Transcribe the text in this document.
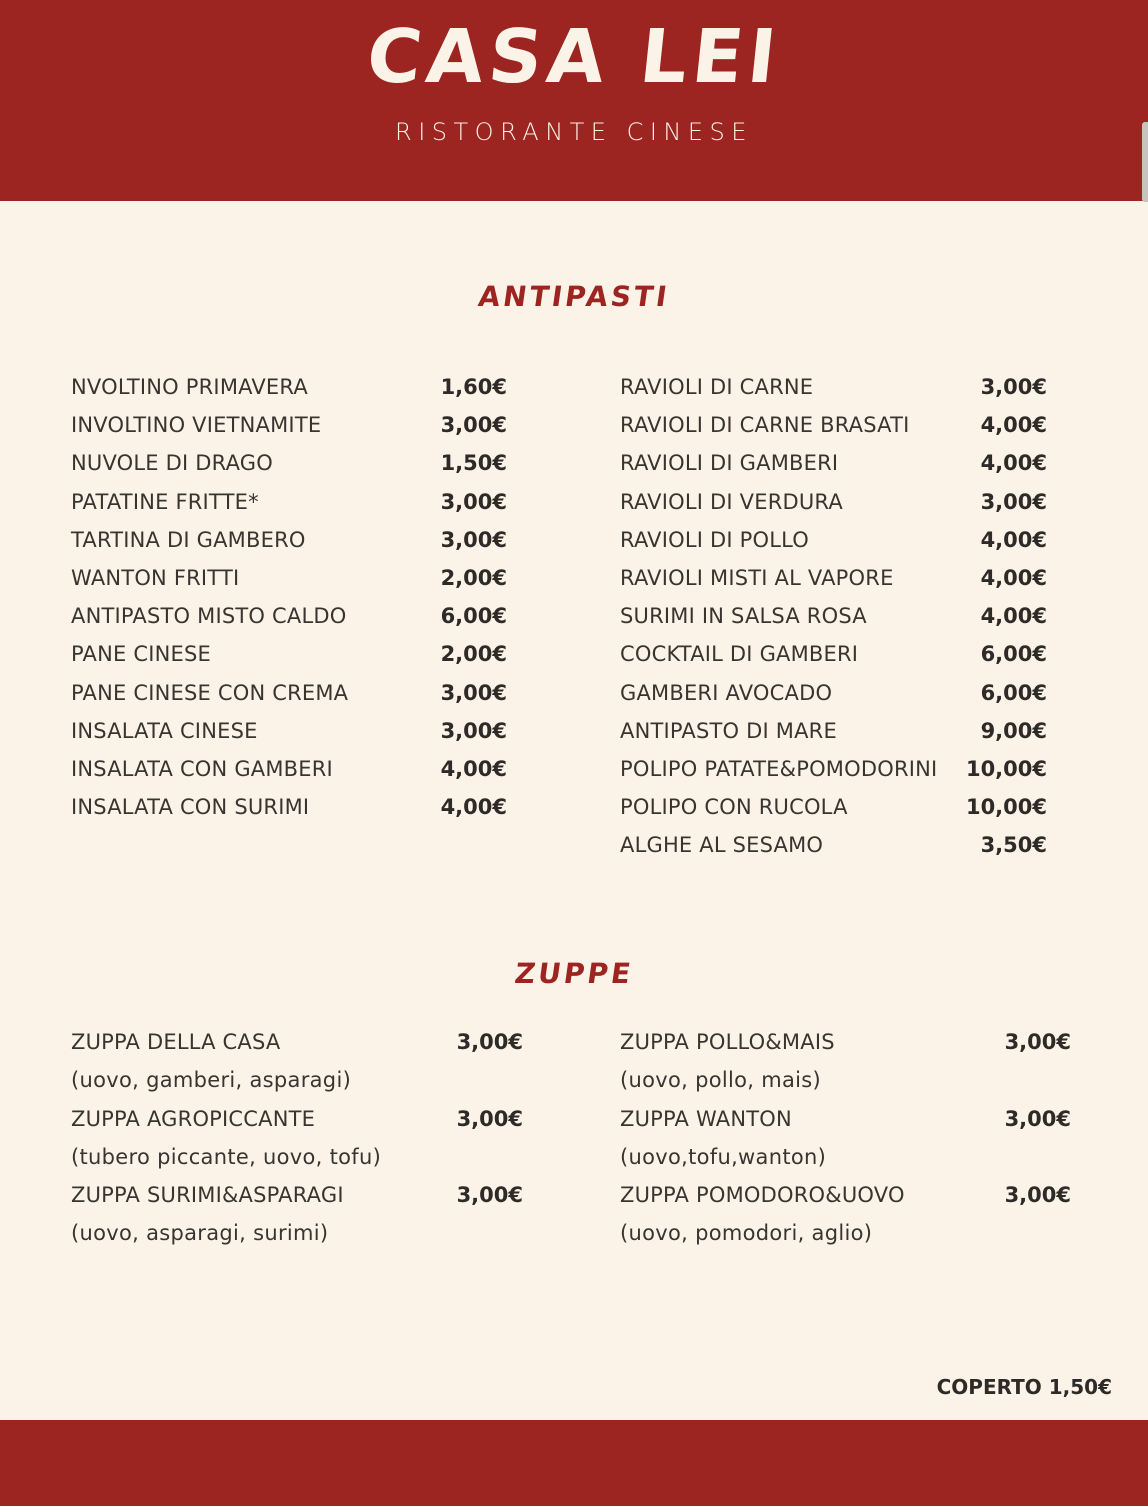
CASA LEI
RISTORANTE CINESE
ANTIPASTI
NVOLTINO PRIMAVERA	1,60€
INVOLTINO VIETNAMITE	3,00€
NUVOLE DI DRAGO	1,50€
PATATINE FRITTE*	3,00€
TARTINA DI GAMBERO	3,00€
WANTON FRITTI	2,00€
ANTIPASTO MISTO CALDO	6,00€
PANE CINESE	2,00€
PANE CINESE CON CREMA	3,00€
INSALATA CINESE	3,00€
INSALATA CON GAMBERI	4,00€
INSALATA CON SURIMI	4,00€
RAVIOLI DI CARNE	3,00€
RAVIOLI DI CARNE BRASATI	4,00€
RAVIOLI DI GAMBERI	4,00€
RAVIOLI DI VERDURA	3,00€
RAVIOLI DI POLLO	4,00€
RAVIOLI MISTI AL VAPORE	4,00€
SURIMI IN SALSA ROSA	4,00€
COCKTAIL DI GAMBERI	6,00€
GAMBERI AVOCADO	6,00€
ANTIPASTO DI MARE	9,00€
POLIPO PATATE&POMODORINI 10,00€
POLIPO CON RUCOLA	10,00€
ALGHE AL SESAMO	3,50€
ZUPPE
ZUPPA DELLA CASA	3,00€
(uovo, gamberi, asparagi)
ZUPPA AGROPICCANTE	3,00€
(tubero piccante, uovo, tofu)
ZUPPA SURIMI&ASPARAGI	3,00€
(uovo, asparagi, surimi)
ZUPPA POLLO&MAIS	3,00€
(uovo, pollo, mais)
ZUPPA WANTON	3,00€
(uovo,tofu,wanton)
ZUPPA POMODORO&UOVO	3,00€
(uovo, pomodori, aglio)
COPERTO 1,50€
